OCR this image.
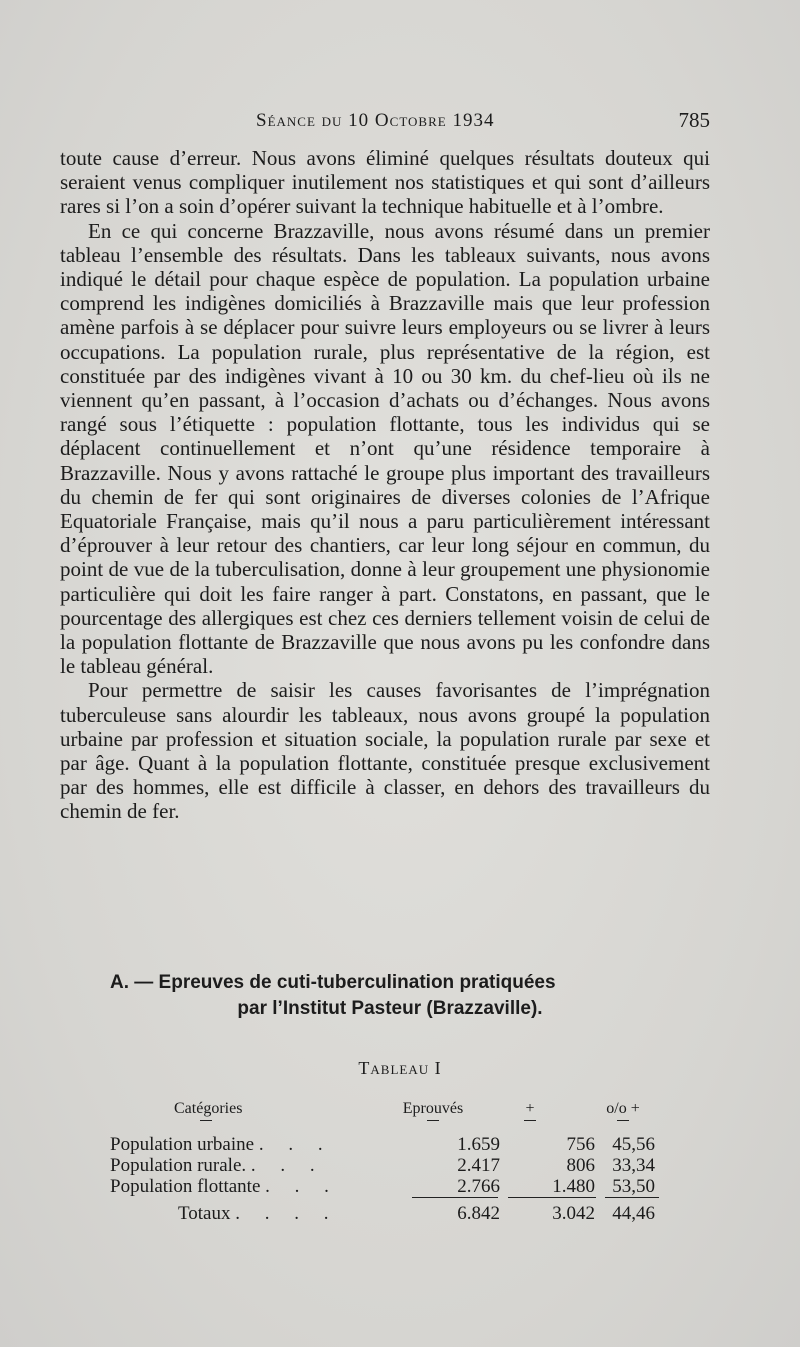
Séance du 10 Octobre 1934	785

toute cause d’erreur. Nous avons éliminé quelques résultats douteux qui seraient venus compliquer inutilement nos statistiques et qui sont d’ailleurs rares si l’on a soin d’opérer suivant la technique habituelle et à l’ombre.

En ce qui concerne Brazzaville, nous avons résumé dans un premier tableau l’ensemble des résultats. Dans les tableaux suivants, nous avons indiqué le détail pour chaque espèce de population. La population urbaine comprend les indigènes domiciliés à Brazzaville mais que leur profession amène parfois à se déplacer pour suivre leurs employeurs ou se livrer à leurs occupations. La population rurale, plus représentative de la région, est constituée par des indigènes vivant à 10 ou 30 km. du chef-lieu où ils ne viennent qu’en passant, à l’occasion d’achats ou d’échanges. Nous avons rangé sous l’étiquette : population flottante, tous les individus qui se déplacent continuellement et n’ont qu’une résidence temporaire à Brazzaville. Nous y avons rattaché le groupe plus important des travailleurs du chemin de fer qui sont originaires de diverses colonies de l’Afrique Equatoriale Française, mais qu’il nous a paru particulièrement intéressant d’éprouver à leur retour des chantiers, car leur long séjour en commun, du point de vue de la tuberculisation, donne à leur groupement une physionomie particulière qui doit les faire ranger à part. Constatons, en passant, que le pourcentage des allergiques est chez ces derniers tellement voisin de celui de la population flottante de Brazzaville que nous avons pu les confondre dans le tableau général.

Pour permettre de saisir les causes favorisantes de l’imprégnation tuberculeuse sans alourdir les tableaux, nous avons groupé la population urbaine par profession et situation sociale, la population rurale par sexe et par âge. Quant à la population flottante, constituée presque exclusivement par des hommes, elle est difficile à classer, en dehors des travailleurs du chemin de fer.

A. — Epreuves de cuti-tuberculination pratiquées
par l’Institut Pasteur (Brazzaville).
Tableau I
Catégories	Eprouvés	+	o/o +
Population urbaine . . .	1.659	756 45,56
Population rurale. . . .	2.417	806 33,34
Population flottante . . .	2.766	1.480 53,50
Totaux . . . .	6.842	3.042 44,46
